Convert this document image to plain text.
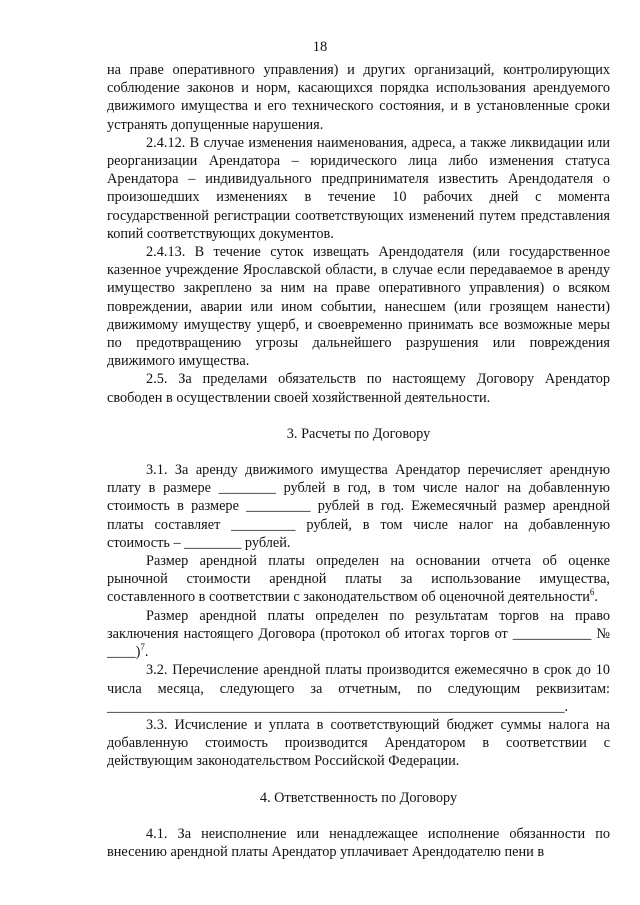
18

на праве оперативного управления) и других организаций, контролирующих соблюдение законов и норм, касающихся порядка использования арендуемого движимого имущества и его технического состояния, и в установленные сроки устранять допущенные нарушения.

2.4.12. В случае изменения наименования, адреса, а также ликвидации или реорганизации Арендатора – юридического лица либо изменения статуса Арендатора – индивидуального предпринимателя известить Арендодателя о произошедших изменениях в течение 10 рабочих дней с момента государственной регистрации соответствующих изменений путем представления копий соответствующих документов.

2.4.13. В течение суток извещать Арендодателя (или государственное казенное учреждение Ярославской области, в случае если передаваемое в аренду имущество закреплено за ним на праве оперативного управления) о всяком повреждении, аварии или ином событии, нанесшем (или грозящем нанести) движимому имуществу ущерб, и своевременно принимать все возможные меры по предотвращению угрозы дальнейшего разрушения или повреждения движимого имущества.

2.5. За пределами обязательств по настоящему Договору Арендатор свободен в осуществлении своей хозяйственной деятельности.

3. Расчеты по Договору

3.1. За аренду движимого имущества Арендатор перечисляет арендную плату в размере ________ рублей в год, в том числе налог на добавленную стоимость в размере _________ рублей в год. Ежемесячный размер арендной платы составляет _________ рублей, в том числе налог на добавленную стоимость – ________ рублей.

Размер арендной платы определен на основании отчета об оценке рыночной стоимости арендной платы за использование имущества, составленного в соответствии с законодательством об оценочной деятельности$^6$.

Размер арендной платы определен по результатам торгов на право заключения настоящего Договора (протокол об итогах торгов от ___________ № ____)$^7$.

3.2. Перечисление арендной платы производится ежемесячно в срок до 10 числа месяца, следующего за отчетным, по следующим реквизитам: ________________________________________________________________.

3.3. Исчисление и уплата в соответствующий бюджет суммы налога на добавленную стоимость производится Арендатором в соответствии с действующим законодательством Российской Федерации.

4. Ответственность по Договору

4.1. За неисполнение или ненадлежащее исполнение обязанности по внесению арендной платы Арендатор уплачивает Арендодателю пени в
